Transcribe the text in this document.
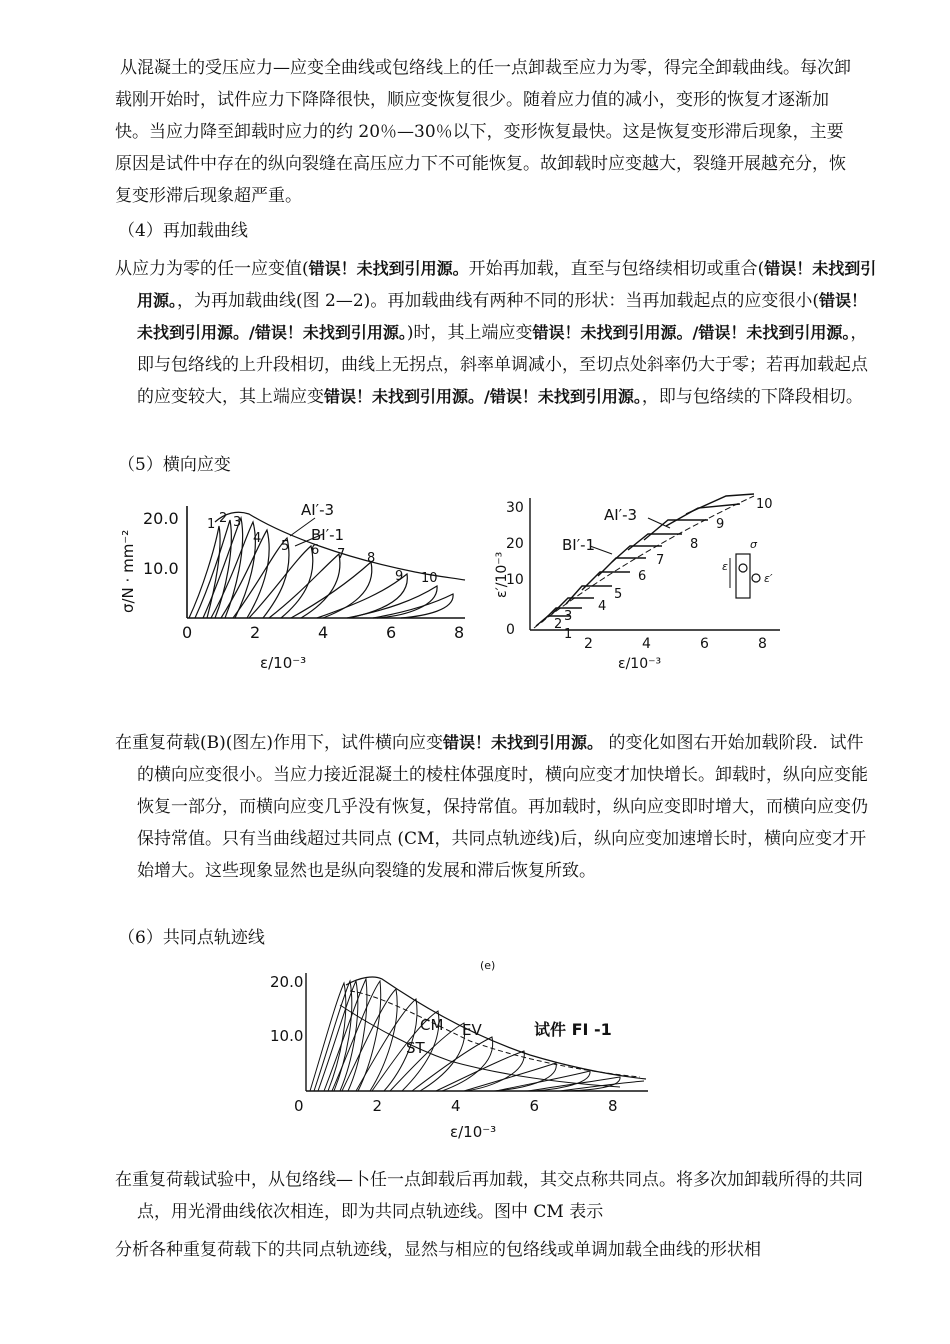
从混凝土的受压应力—应变全曲线或包络线上的任一点卸裁至应力为零，得完全卸载曲线。每次卸载刚开始时，试件应力下降降很快，顺应变恢复很少。随着应力值的减小，变形的恢复才逐渐加快。当应力降至卸载时应力的约 20％—30％以下，变形恢复最快。这是恢复变形滞后现象，主要原因是试件中存在的纵向裂缝在高压应力下不可能恢复。故卸载时应变越大，裂缝开展越充分，恢复变形滞后现象超严重。

（4）再加载曲线

从应力为零的任一应变值(错误！未找到引用源。开始再加载，直至与包络续相切或重合(错误！未找到引用源。，为再加载曲线(图 2—2)。再加载曲线有两种不同的形状：当再加载起点的应变很小(错误！未找到引用源。/错误！未找到引用源。)时，其上端应变错误！未找到引用源。/错误！未找到引用源。，即与包络线的上升段相切，曲线上无拐点，斜率单调减小，至切点处斜率仍大于零；若再加载起点的应变较大，其上端应变错误！未找到引用源。/错误！未找到引用源。，即与包络续的下降段相切。

（5）横向应变

AI′-3
BI′-1
1 2 3
4
5 6 7 8
9 10
20.0
10.0
0	2	4	6	8
σ/N · mm⁻²
ε/10⁻³
30
20
10
0
2	4	6	8
AI′-3
BI′-1
1
2
3
4
5
6
7
8
9
10
σ
ε
ε′
ε′/10⁻³
ε/10⁻³

在重复荷载(B)(图左)作用下，试件横向应变错误！未找到引用源。 的变化如图右开始加载阶段．试件的横向应变很小。当应力接近混凝土的棱柱体强度时，横向应变才加快增长。卸载时，纵向应变能恢复一部分，而横向应变几乎没有恢复，保持常值。再加载时，纵向应变即时增大，而横向应变仍保持常值。只有当曲线超过共同点 (CM，共同点轨迹线)后，纵向应变加速增长时，横向应变才开始增大。这些现象显然也是纵向裂缝的发展和滞后恢复所致。

（6）共同点轨迹线

(e)
20.0
10.0
0	2	4	6	8
CM EV
ST
试件 FI -1
ε/10⁻³

在重复荷载试验中，从包络线—卜任一点卸载后再加载，其交点称共同点。将多次加卸载所得的共同点，用光滑曲线依次相连，即为共同点轨迹线。图中 CM 表示

分析各种重复荷载下的共同点轨迹线，显然与相应的包络线或单调加载全曲线的形状相
